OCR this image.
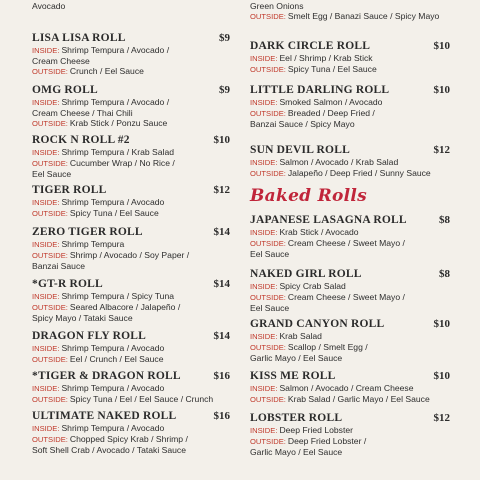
Avocado
LISA LISA ROLL	$9
INSIDE: Shrimp Tempura / Avocado /
Cream Cheese
OUTSIDE: Crunch / Eel Sauce
OMG ROLL	$9
INSIDE: Shrimp Tempura / Avocado /
Cream Cheese / Thai Chili
OUTSIDE: Krab Stick / Ponzu Sauce
ROCK N ROLL #2	$10
INSIDE: Shrimp Tempura / Krab Salad
OUTSIDE: Cucumber Wrap / No Rice /
Eel Sauce
TIGER ROLL	$12
INSIDE: Shrimp Tempura / Avocado
OUTSIDE: Spicy Tuna / Eel Sauce
ZERO TIGER ROLL	$14
INSIDE: Shrimp Tempura
OUTSIDE: Shrimp / Avocado / Soy Paper /
Banzai Sauce
*GT-R ROLL	$14
INSIDE: Shrimp Tempura / Spicy Tuna
OUTSIDE: Seared Albacore / Jalapeño /
Spicy Mayo / Tataki Sauce
DRAGON FLY ROLL	$14
INSIDE: Shrimp Tempura / Avocado
OUTSIDE: Eel / Crunch / Eel Sauce
*TIGER & DRAGON ROLL	$16
INSIDE: Shrimp Tempura / Avocado
OUTSIDE: Spicy Tuna / Eel / Eel Sauce / Crunch
ULTIMATE NAKED ROLL	$16
INSIDE: Shrimp Tempura / Avocado
OUTSIDE: Chopped Spicy Krab / Shrimp /
Soft Shell Crab / Avocado / Tataki Sauce
Baked Rolls
Green Onions
OUTSIDE: Smelt Egg / Banazi Sauce / Spicy Mayo
DARK CIRCLE ROLL	$10
INSIDE: Eel / Shrimp / Krab Stick
OUTSIDE: Spicy Tuna / Eel Sauce
LITTLE DARLING ROLL	$10
INSIDE: Smoked Salmon / Avocado
OUTSIDE: Breaded / Deep Fried /
Banzai Sauce / Spicy Mayo
SUN DEVIL ROLL	$12
INSIDE: Salmon / Avocado / Krab Salad
OUTSIDE: Jalapeño / Deep Fried / Sunny Sauce
JAPANESE LASAGNA ROLL	$8
INSIDE: Krab Stick / Avocado
OUTSIDE: Cream Cheese / Sweet Mayo /
Eel Sauce
NAKED GIRL ROLL	$8
INSIDE: Spicy Crab Salad
OUTSIDE: Cream Cheese / Sweet Mayo /
Eel Sauce
GRAND CANYON ROLL	$10
INSIDE: Krab Salad
OUTSIDE: Scallop / Smelt Egg /
Garlic Mayo / Eel Sauce
KISS ME ROLL	$10
INSIDE: Salmon / Avocado / Cream Cheese
OUTSIDE: Krab Salad / Garlic Mayo / Eel Sauce
LOBSTER ROLL	$12
INSIDE: Deep Fried Lobster
OUTSIDE: Deep Fried Lobster /
Garlic Mayo / Eel Sauce
